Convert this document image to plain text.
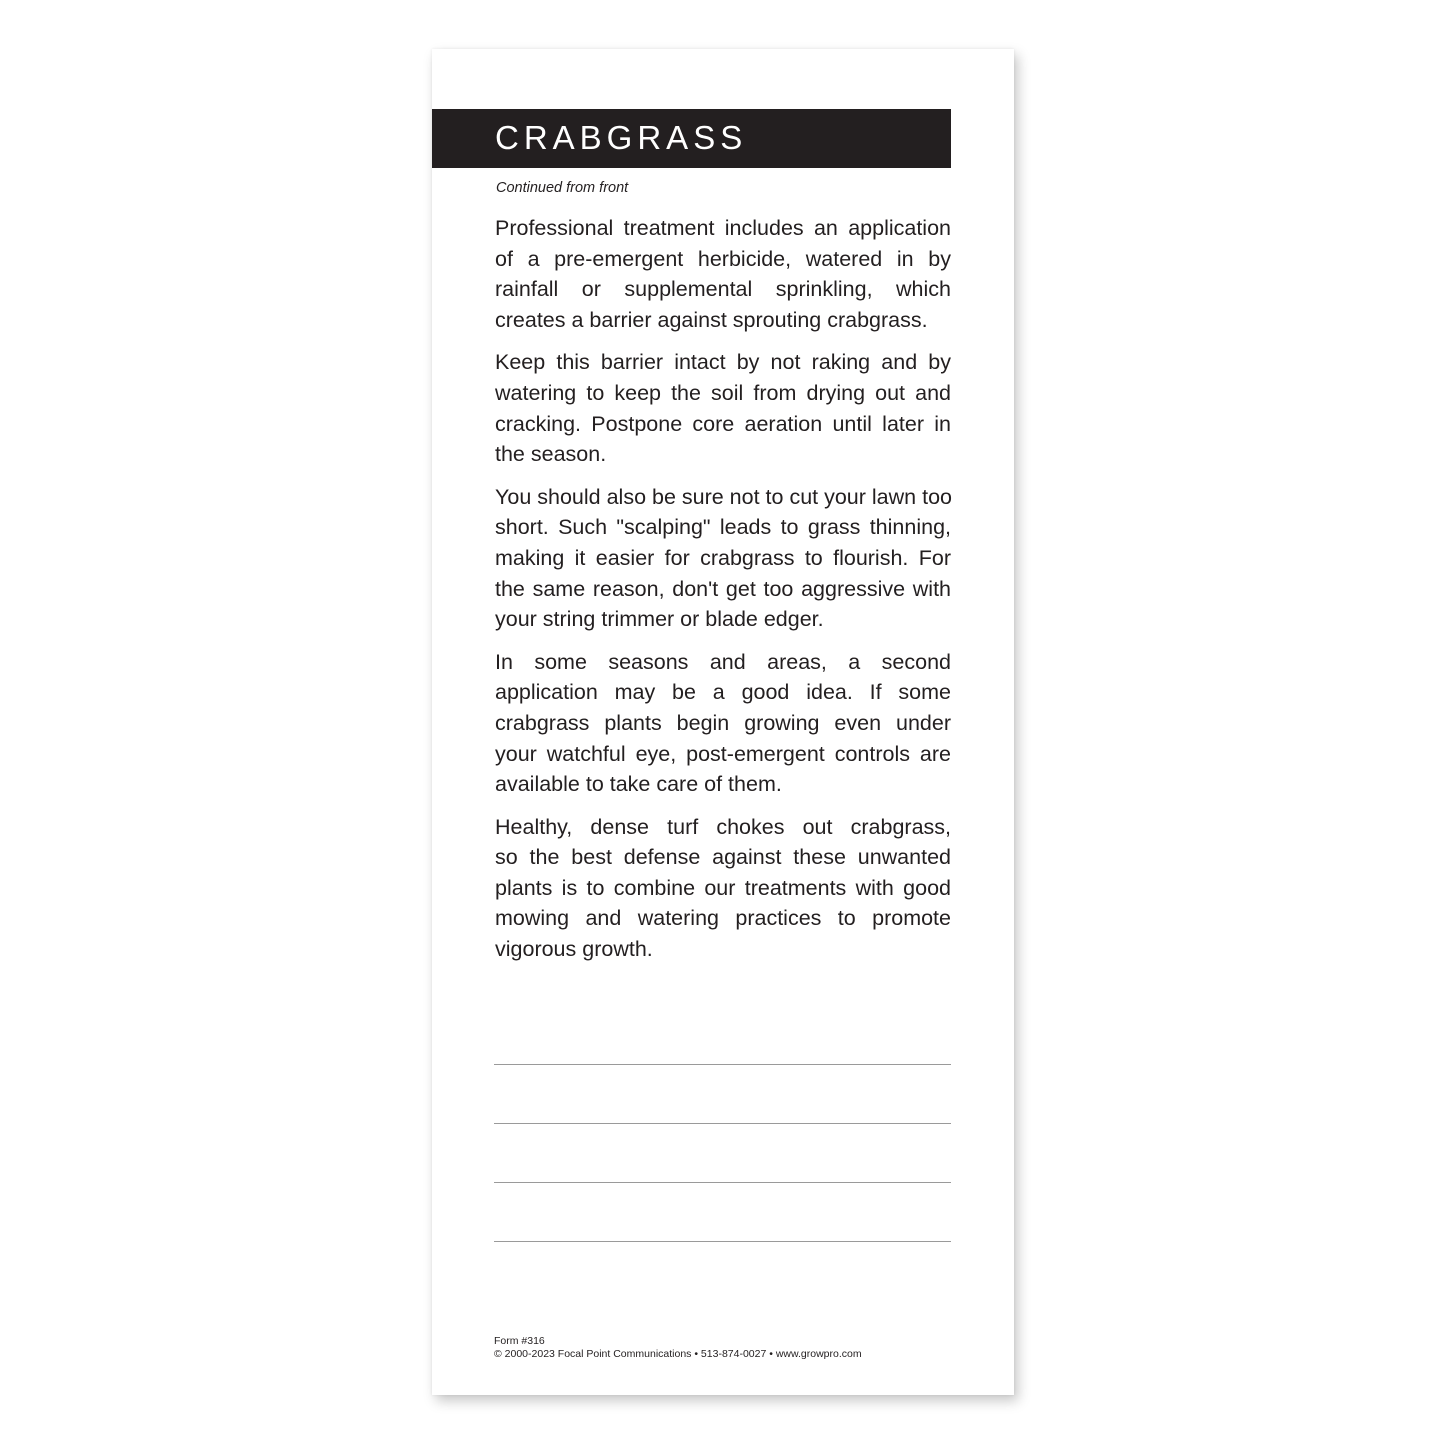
CRABGRASS
Continued from front

Professional treatment includes an application
of a pre-emergent herbicide, watered in by
rainfall or supplemental sprinkling, which
creates a barrier against sprouting crabgrass.

Keep this barrier intact by not raking and by
watering to keep the soil from drying out and
cracking. Postpone core aeration until later in
the season.

You should also be sure not to cut your lawn too
short. Such "scalping" leads to grass thinning,
making it easier for crabgrass to flourish. For
the same reason, don't get too aggressive with
your string trimmer or blade edger.

In some seasons and areas, a second
application may be a good idea. If some
crabgrass plants begin growing even under
your watchful eye, post-emergent controls are
available to take care of them.

Healthy, dense turf chokes out crabgrass,
so the best defense against these unwanted
plants is to combine our treatments with good
mowing and watering practices to promote
vigorous growth.

Form #316
© 2000-2023 Focal Point Communications • 513-874-0027 • www.growpro.com
